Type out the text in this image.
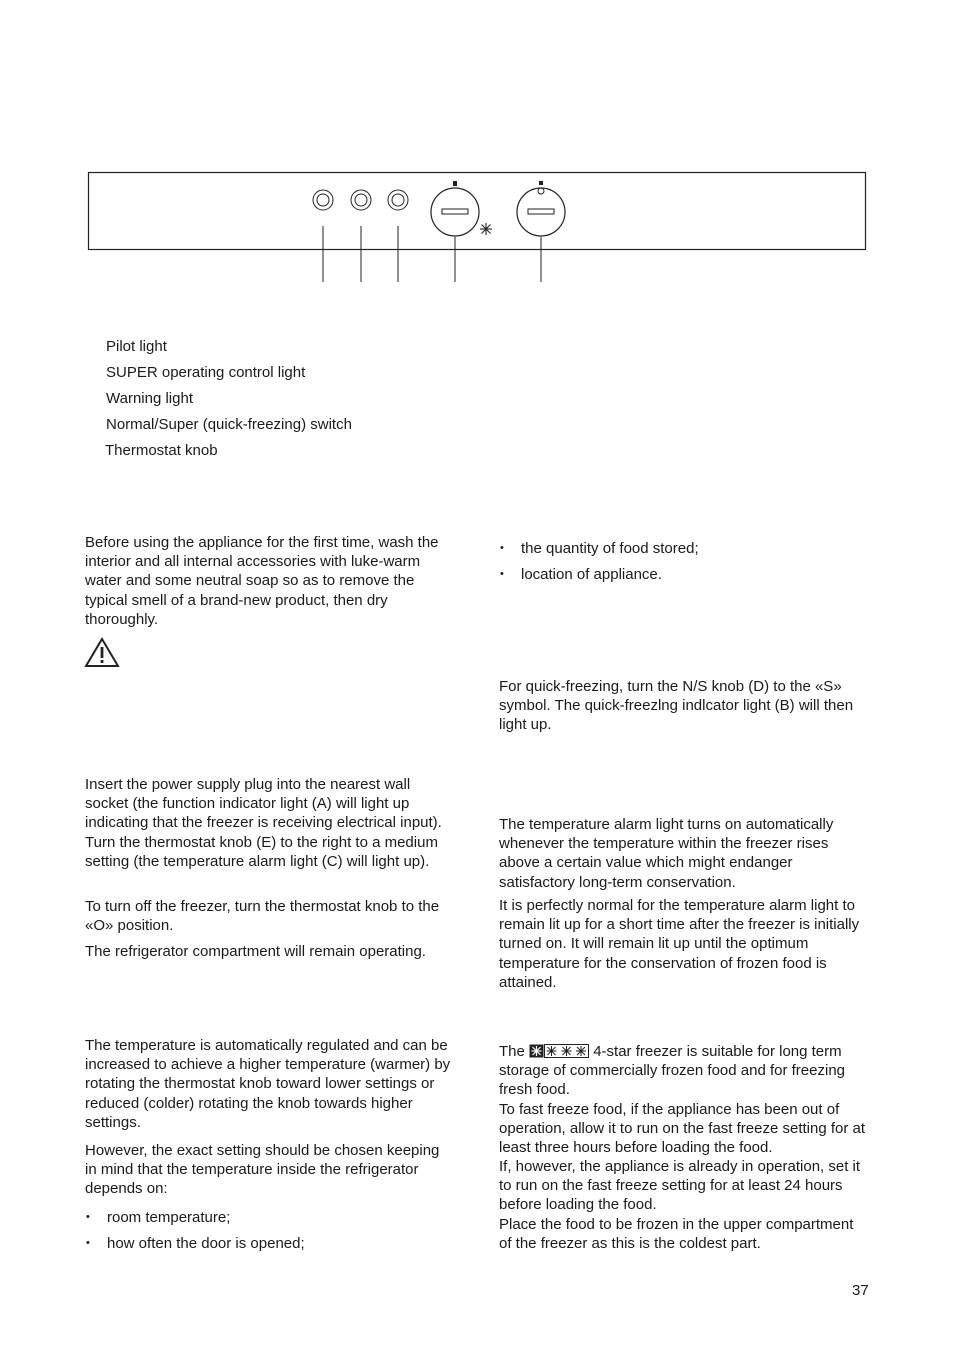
Pilot light
SUPER operating control light
Warning light
Normal/Super (quick-freezing) switch
Thermostat knob

Before using the appliance for the first time, wash the interior and all internal accessories with luke-warm water and some neutral soap so as to remove the typical smell of a brand-new product, then dry thoroughly.

Insert the power supply plug into the nearest wall socket (the function indicator light (A) will light up indicating that the freezer is receiving electrical input). Turn the thermostat knob (E) to the right to a medium setting (the temperature alarm light (C) will light up).

To turn off the freezer, turn the thermostat knob to the «O» position.

The refrigerator compartment will remain operating.

The temperature is automatically regulated and can be increased to achieve a higher temperature (warmer) by rotating the thermostat knob toward lower settings or reduced (colder) rotating the knob towards higher settings.

However, the exact setting should be chosen keeping in mind that the temperature inside the refrigerator depends on:

• room temperature;
• how often the door is opened;
• the quantity of food stored;
• location of appliance.

For quick-freezing, turn the N/S knob (D) to the «S» symbol. The quick-freezlng indlcator light (B) will then light up.

The temperature alarm light turns on automatically whenever the temperature within the freezer rises above a certain value which might endanger satisfactory long-term conservation.

It is perfectly normal for the temperature alarm light to remain lit up for a short time after the freezer is initially turned on. It will remain lit up until the optimum temperature for the conservation of frozen food is attained.

The	4-star freezer is suitable for long term storage of commercially frozen food and for freezing fresh food.

To fast freeze food, if the appliance has been out of operation, allow it to run on the fast freeze setting for at least three hours before loading the food.

If, however, the appliance is already in operation, set it to run on the fast freeze setting for at least 24 hours before loading the food.

Place the food to be frozen in the upper compartment of the freezer as this is the coldest part.

37
